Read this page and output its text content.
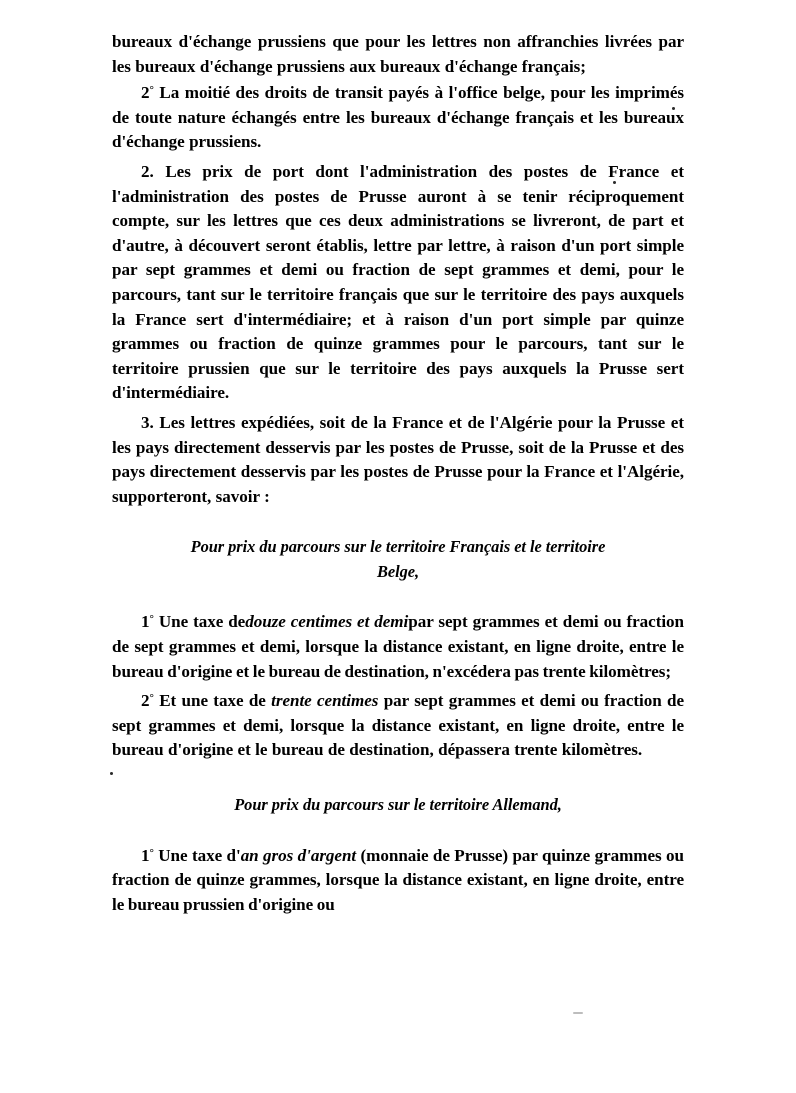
bureaux d'échange prussiens que pour les lettres non affranchies livrées par les bureaux d'échange prussiens aux bureaux d'échange français;

2° La moitié des droits de transit payés à l'office belge, pour les imprimés de toute nature échangés entre les bureaux d'échange français et les bureaux d'échange prussiens.

2. Les prix de port dont l'administration des postes de France et l'administration des postes de Prusse auront à se tenir réciproquement compte, sur les lettres que ces deux administrations se livreront, de part et d'autre, à découvert seront établis, lettre par lettre, à raison d'un port simple par sept grammes et demi ou fraction de sept grammes et demi, pour le parcours, tant sur le territoire français que sur le territoire des pays auxquels la France sert d'intermédiaire; et à raison d'un port simple par quinze grammes ou fraction de quinze grammes pour le parcours, tant sur le territoire prussien que sur le territoire des pays auxquels la Prusse sert d'intermédiaire.

3. Les lettres expédiées, soit de la France et de l'Algérie pour la Prusse et les pays directement desservis par les postes de Prusse, soit de la Prusse et des pays directement desservis par les postes de Prusse pour la France et l'Algérie, supporteront, savoir :

Pour prix du parcours sur le territoire Français et le territoire
Belge,

1° Une taxe dedouze centimes et demipar sept grammes et demi ou fraction de sept grammes et demi, lorsque la distance existant, en ligne droite, entre le bureau d'origine et le bureau de destination, n'excédera pas trente kilomètres;

2° Et une taxe de trente centimes par sept grammes et demi ou fraction de sept grammes et demi, lorsque la distance existant, en ligne droite, entre le bureau d'origine et le bureau de destination, dépassera trente kilomètres.

Pour prix du parcours sur le territoire Allemand,

1° Une taxe d'an gros d'argent (monnaie de Prusse) par quinze grammes ou fraction de quinze grammes, lorsque la distance existant, en ligne droite, entre le bureau prussien d'origine ou
